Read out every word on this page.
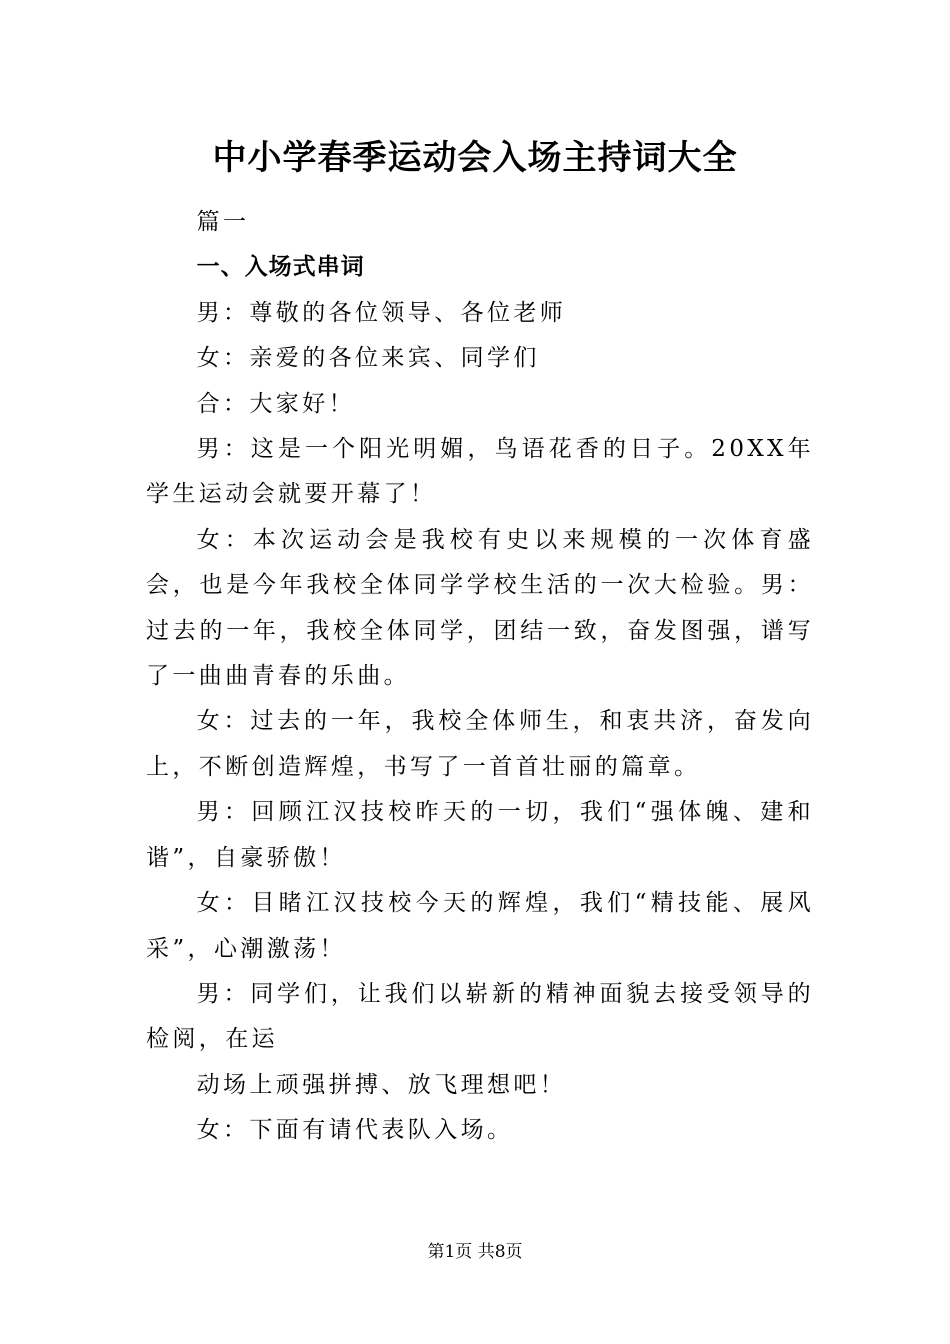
中小学春季运动会入场主持词大全

篇一

一、入场式串词

男：尊敬的各位领导、各位老师

女：亲爱的各位来宾、同学们

合：大家好！

男：这是一个阳光明媚，鸟语花香的日子。20XX年学生运动会就要开幕了！

女：本次运动会是我校有史以来规模的一次体育盛会，也是今年我校全体同学学校生活的一次大检验。男：过去的一年，我校全体同学，团结一致，奋发图强，谱写了一曲曲青春的乐曲。

女：过去的一年，我校全体师生，和衷共济，奋发向上，不断创造辉煌，书写了一首首壮丽的篇章。

男：回顾江汉技校昨天的一切，我们“强体魄、建和谐”，自豪骄傲！

女：目睹江汉技校今天的辉煌，我们“精技能、展风采”，心潮激荡！

男：同学们，让我们以崭新的精神面貌去接受领导的检阅，在运

动场上顽强拼搏、放飞理想吧！

女：下面有请代表队入场。

第1页 共8页
